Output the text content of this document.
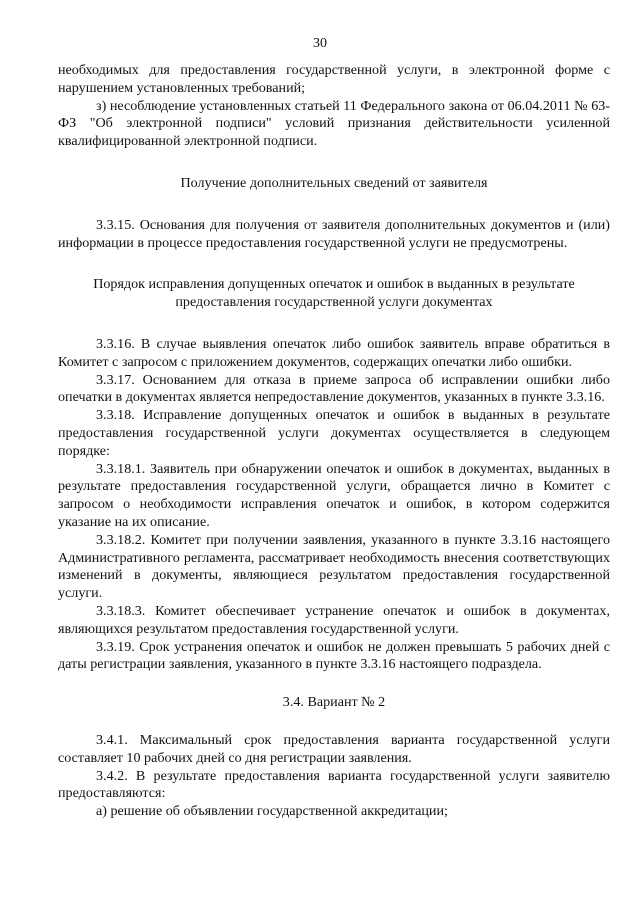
30

необходимых для предоставления государственной услуги, в электронной форме с нарушением установленных требований;

з) несоблюдение установленных статьей 11 Федерального закона от 06.04.2011 № 63-ФЗ "Об электронной подписи" условий признания действительности усиленной квалифицированной электронной подписи.

Получение дополнительных сведений от заявителя

3.3.15. Основания для получения от заявителя дополнительных документов и (или) информации в процессе предоставления государственной услуги не предусмотрены.

Порядок исправления допущенных опечаток и ошибок в выданных в результате предоставления государственной услуги документах

3.3.16. В случае выявления опечаток либо ошибок заявитель вправе обратиться в Комитет с запросом с приложением документов, содержащих опечатки либо ошибки.

3.3.17. Основанием для отказа в приеме запроса об исправлении ошибки либо опечатки в документах является непредоставление документов, указанных в пункте 3.3.16.

3.3.18. Исправление допущенных опечаток и ошибок в выданных в результате предоставления государственной услуги документах осуществляется в следующем порядке:

3.3.18.1. Заявитель при обнаружении опечаток и ошибок в документах, выданных в результате предоставления государственной услуги, обращается лично в Комитет с запросом о необходимости исправления опечаток и ошибок, в котором содержится указание на их описание.

3.3.18.2. Комитет при получении заявления, указанного в пункте 3.3.16 настоящего Административного регламента, рассматривает необходимость внесения соответствующих изменений в документы, являющиеся результатом предоставления государственной услуги.

3.3.18.3. Комитет обеспечивает устранение опечаток и ошибок в документах, являющихся результатом предоставления государственной услуги.

3.3.19. Срок устранения опечаток и ошибок не должен превышать 5 рабочих дней с даты регистрации заявления, указанного в пункте 3.3.16 настоящего подраздела.

3.4. Вариант № 2

3.4.1. Максимальный срок предоставления варианта государственной услуги составляет 10 рабочих дней со дня регистрации заявления.

3.4.2. В результате предоставления варианта государственной услуги заявителю предоставляются:

а) решение об объявлении государственной аккредитации;
